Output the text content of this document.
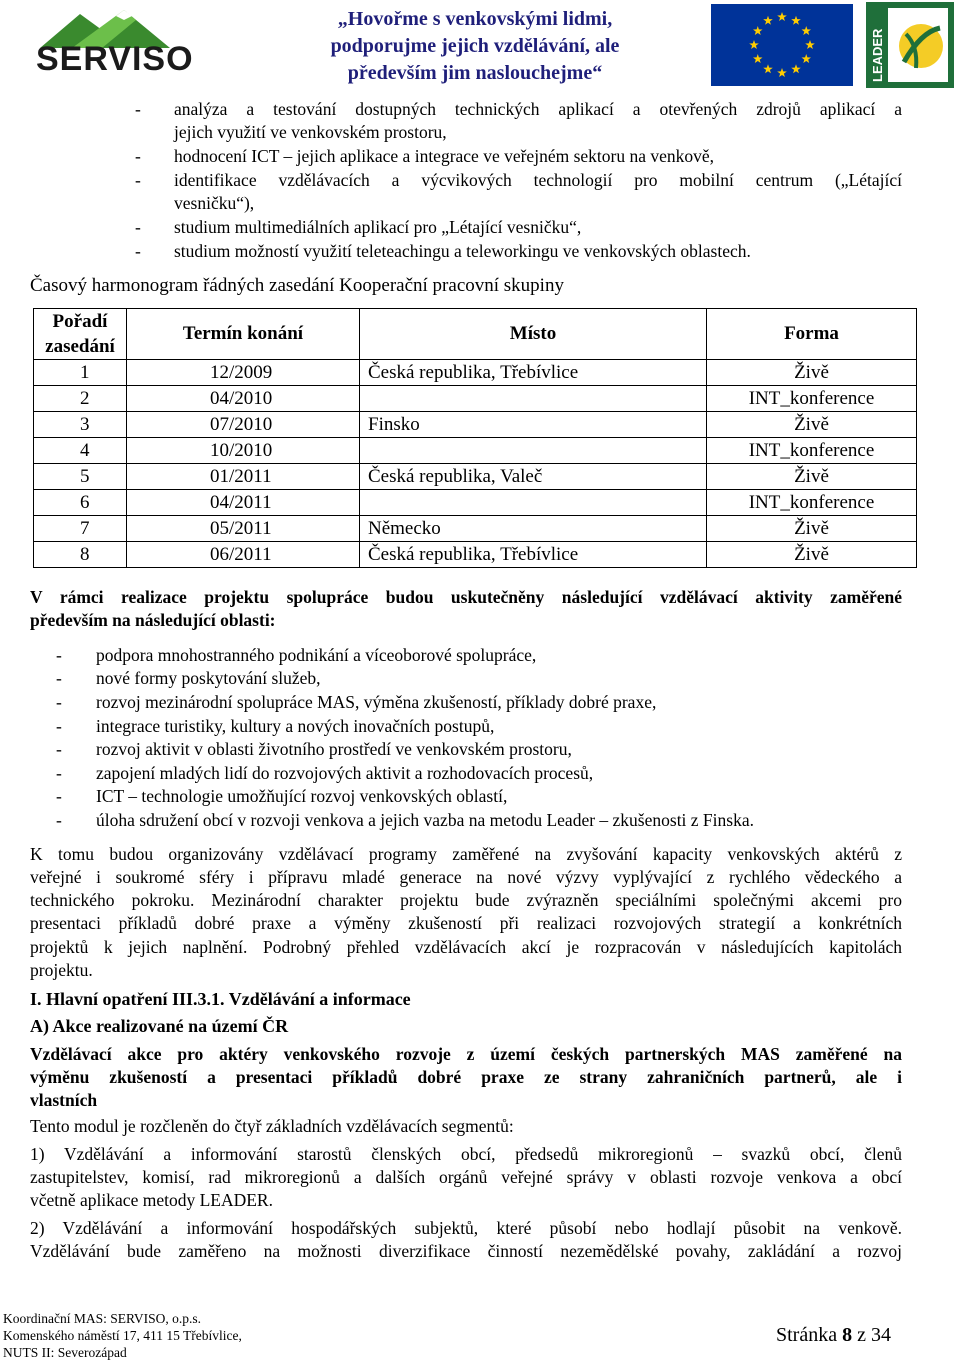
SERVISO
„Hovořme s venkovskými lidmi,
podporujme jejich vzdělávání, ale
především jim naslouchejme“	LEADER
- analýza a testování dostupných technických aplikací a otevřených zdrojů aplikací a
jejich využití ve venkovském prostoru,
- hodnocení ICT – jejich aplikace a integrace ve veřejném sektoru na venkově,
- identifikace vzdělávacích a výcvikových technologií pro mobilní centrum („Létající
vesničku“),
- studium multimediálních aplikací pro „Létající vesničku“,
- studium možností využití teleteachingu a teleworkingu ve venkovských oblastech.
Časový harmonogram řádných zasedání Kooperační pracovní skupiny
Pořadí zasedání	Termín konání	Místo	Forma
1	12/2009	Česká republika, Třebívlice	Živě
2	04/2010		INT_konference
3	07/2010	Finsko	Živě
4	10/2010		INT_konference
5	01/2011	Česká republika, Valeč	Živě
6	04/2011		INT_konference
7	05/2011	Německo	Živě
8	06/2011	Česká republika, Třebívlice	Živě
V rámci realizace projektu spolupráce budou uskutečněny následující vzdělávací aktivity zaměřené
především na následující oblasti:
- podpora mnohostranného podnikání a víceoborové spolupráce,
- nové formy poskytování služeb,
- rozvoj mezinárodní spolupráce MAS, výměna zkušeností, příklady dobré praxe,
- integrace turistiky, kultury a nových inovačních postupů,
- rozvoj aktivit v oblasti životního prostředí ve venkovském prostoru,
- zapojení mladých lidí do rozvojových aktivit a rozhodovacích procesů,
- ICT – technologie umožňující rozvoj venkovských oblastí,
- úloha sdružení obcí v rozvoji venkova a jejich vazba na metodu Leader – zkušenosti z Finska.
K tomu budou organizovány vzdělávací programy zaměřené na zvyšování kapacity venkovských aktérů z
veřejné i soukromé sféry i přípravu mladé generace na nové výzvy vyplývající z rychlého vědeckého a
technického pokroku. Mezinárodní charakter projektu bude zvýrazněn speciálními společnými akcemi pro
presentaci příkladů dobré praxe a výměny zkušeností při realizaci rozvojových strategií a konkrétních
projektů k jejich naplnění. Podrobný přehled vzdělávacích akcí je rozpracován v následujících kapitolách
projektu.
I. Hlavní opatření III.3.1. Vzdělávání a informace
A) Akce realizované na území ČR
Vzdělávací akce pro aktéry venkovského rozvoje z území českých partnerských MAS zaměřené na
výměnu zkušeností a presentaci příkladů dobré praxe ze strany zahraničních partnerů, ale i
vlastních
Tento modul je rozčleněn do čtyř základních vzdělávacích segmentů:
1) Vzdělávání a informování starostů členských obcí, předsedů mikroregionů – svazků obcí, členů
zastupitelstev, komisí, rad mikroregionů a dalších orgánů veřejné správy v oblasti rozvoje venkova a obcí
včetně aplikace metody LEADER.
2) Vzdělávání a informování hospodářských subjektů, které působí nebo hodlají působit na venkově.
Vzdělávání bude zaměřeno na možnosti diverzifikace činností nezemědělské povahy, zakládání a rozvoj
Koordinační MAS: SERVISO, o.p.s.
Komenského náměstí 17, 411 15 Třebívlice,
NUTS II: Severozápad
Stránka 8 z 34
